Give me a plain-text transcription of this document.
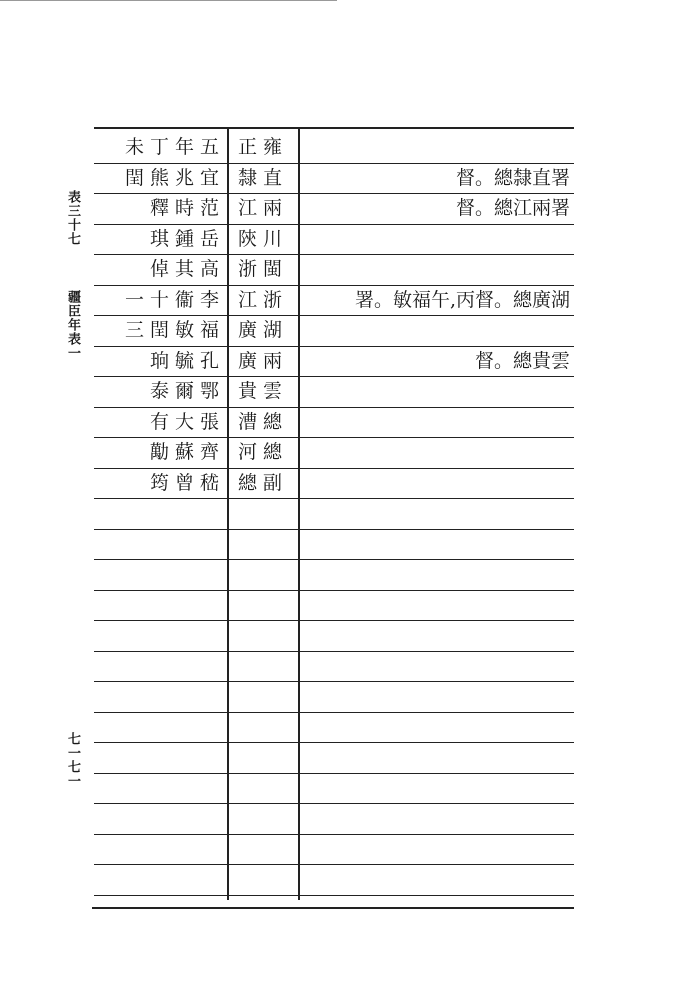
表三十七
疆臣年表一
七一七一
未丁年五 正雍
閏熊兆宜 隸直	督。總隸直署
釋時范 江兩	督。總江兩署
琪鍾岳 陝川
倬其高 浙閩
一十衞李 江浙	署。敏福午,丙督。總廣湖
三閏敏福 廣湖
珦毓孔 廣兩	督。總貴雲
泰爾鄂 貴雲
有大張 漕總
勱蘇齊 河總
筠曾嵇 總副
